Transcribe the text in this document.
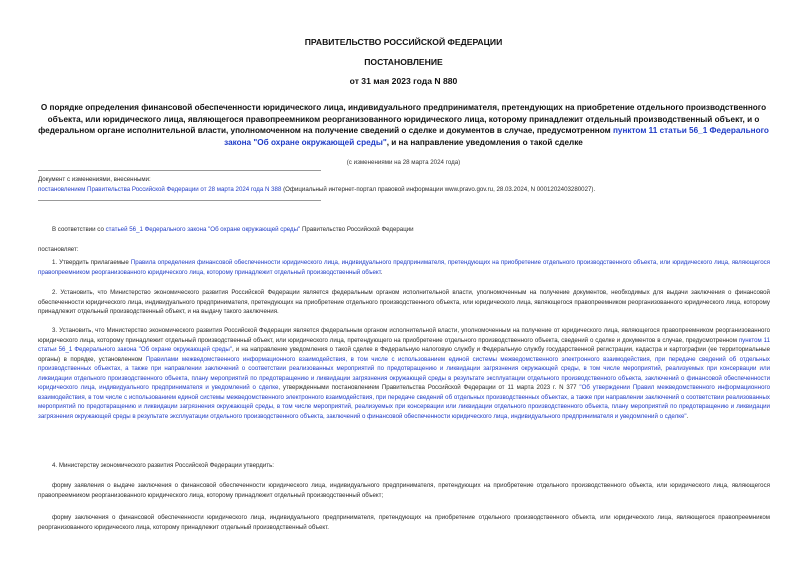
ПРАВИТЕЛЬСТВО РОССИЙСКОЙ ФЕДЕРАЦИИ
ПОСТАНОВЛЕНИЕ
от 31 мая 2023 года N 880
О порядке определения финансовой обеспеченности юридического лица, индивидуального предпринимателя, претендующих на приобретение отдельного производственного объекта, или юридического лица, являющегося правопреемником реорганизованного юридического лица, которому принадлежит отдельный производственный объект, и о федеральном органе исполнительной власти, уполномоченном на получение сведений о сделке и документов в случае, предусмотренном пунктом 11 статьи 56_1 Федерального закона "Об охране окружающей среды", и на направление уведомления о такой сделке
(с изменениями на 28 марта 2024 года)
Документ с изменениями, внесенными:
постановлением Правительства Российской Федерации от 28 марта 2024 года N 388 (Официальный интернет-портал правовой информации www.pravo.gov.ru, 28.03.2024, N 0001202403280027).
В соответствии со статьей 56_1 Федерального закона "Об охране окружающей среды" Правительство Российской Федерации
постановляет:
1. Утвердить прилагаемые Правила определения финансовой обеспеченности юридического лица, индивидуального предпринимателя, претендующих на приобретение отдельного производственного объекта, или юридического лица, являющегося правопреемником реорганизованного юридического лица, которому принадлежит отдельный производственный объект.
2. Установить, что Министерство экономического развития Российской Федерации является федеральным органом исполнительной власти, уполномоченным на получение документов, необходимых для выдачи заключения о финансовой обеспеченности юридического лица, индивидуального предпринимателя, претендующих на приобретение отдельного производственного объекта, или юридического лица, являющегося правопреемником реорганизованного юридического лица, которому принадлежит отдельный производственный объект, и на выдачу такого заключения.
3. Установить, что Министерство экономического развития Российской Федерации является федеральным органом исполнительной власти, уполномоченным на получение от юридического лица, являющегося правопреемником реорганизованного юридического лица, которому принадлежит отдельный производственный объект, или юридического лица, претендующего на приобретение отдельного производственного объекта, сведений о сделке и документов в случае, предусмотренном пунктом 11 статьи 56_1 Федерального закона "Об охране окружающей среды", и на направление уведомления о такой сделке в Федеральную налоговую службу и Федеральную службу государственной регистрации, кадастра и картографии (ее территориальные органы) в порядке, установленном Правилами межведомственного информационного взаимодействия, в том числе с использованием единой системы межведомственного электронного взаимодействия, при передаче сведений об отдельных производственных объектах, а также при направлении заключений о соответствии реализованных мероприятий по предотвращению и ликвидации загрязнения окружающей среды, в том числе мероприятий, реализуемых при консервации или ликвидации отдельного производственного объекта, плану мероприятий по предотвращению и ликвидации загрязнения окружающей среды в результате эксплуатации отдельного производственного объекта, заключений о финансовой обеспеченности юридического лица, индивидуального предпринимателя и уведомлений о сделке, утвержденными постановлением Правительства Российской Федерации от 11 марта 2023 г. N 377 "Об утверждении Правил межведомственного информационного взаимодействия, в том числе с использованием единой системы межведомственного электронного взаимодействия, при передаче сведений об отдельных производственных объектах, а также при направлении заключений о соответствии реализованных мероприятий по предотвращению и ликвидации загрязнения окружающей среды, в том числе мероприятий, реализуемых при консервации или ликвидации отдельного производственного объекта, плану мероприятий по предотвращению и ликвидации загрязнения окружающей среды в результате эксплуатации отдельного производственного объекта, заключений о финансовой обеспеченности юридического лица, индивидуального предпринимателя и уведомлений о сделке".
4. Министерству экономического развития Российской Федерации утвердить:
форму заявления о выдаче заключения о финансовой обеспеченности юридического лица, индивидуального предпринимателя, претендующих на приобретение отдельного производственного объекта, или юридического лица, являющегося правопреемником реорганизованного юридического лица, которому принадлежит отдельный производственный объект;
форму заключения о финансовой обеспеченности юридического лица, индивидуального предпринимателя, претендующих на приобретение отдельного производственного объекта, или юридического лица, являющегося правопреемником реорганизованного юридического лица, которому принадлежит отдельный производственный объект.
